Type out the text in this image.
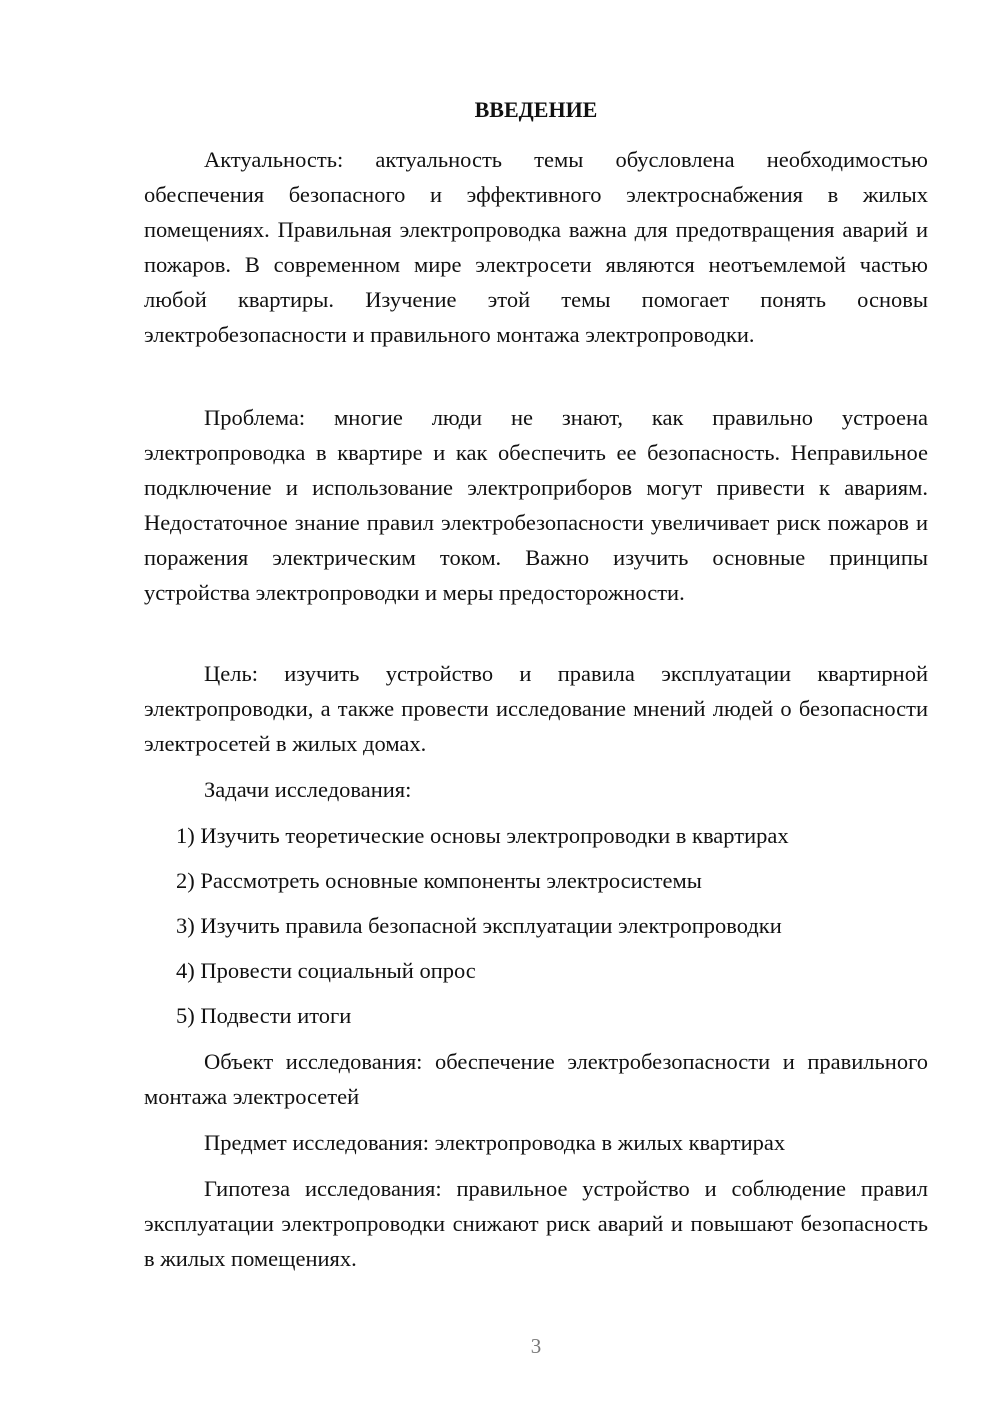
ВВЕДЕНИЕ

Актуальность: актуальность темы обусловлена необходимостью обеспечения безопасного и эффективного электроснабжения в жилых помещениях. Правильная электропроводка важна для предотвращения аварий и пожаров. В современном мире электросети являются неотъемлемой частью любой квартиры. Изучение этой темы помогает понять основы электробезопасности и правильного монтажа электропроводки.

Проблема: многие люди не знают, как правильно устроена электропроводка в квартире и как обеспечить ее безопасность. Неправильное подключение и использование электроприборов могут привести к авариям. Недостаточное знание правил электробезопасности увеличивает риск пожаров и поражения электрическим током. Важно изучить основные принципы устройства электропроводки и меры предосторожности.

Цель: изучить устройство и правила эксплуатации квартирной электропроводки, а также провести исследование мнений людей о безопасности электросетей в жилых домах.

Задачи исследования:
1) Изучить теоретические основы электропроводки в квартирах
2) Рассмотреть основные компоненты электросистемы
3) Изучить правила безопасной эксплуатации электропроводки
4) Провести социальный опрос
5) Подвести итоги

Объект исследования: обеспечение электробезопасности и правильного монтажа электросетей

Предмет исследования: электропроводка в жилых квартирах

Гипотеза исследования: правильное устройство и соблюдение правил эксплуатации электропроводки снижают риск аварий и повышают безопасность в жилых помещениях.

3
